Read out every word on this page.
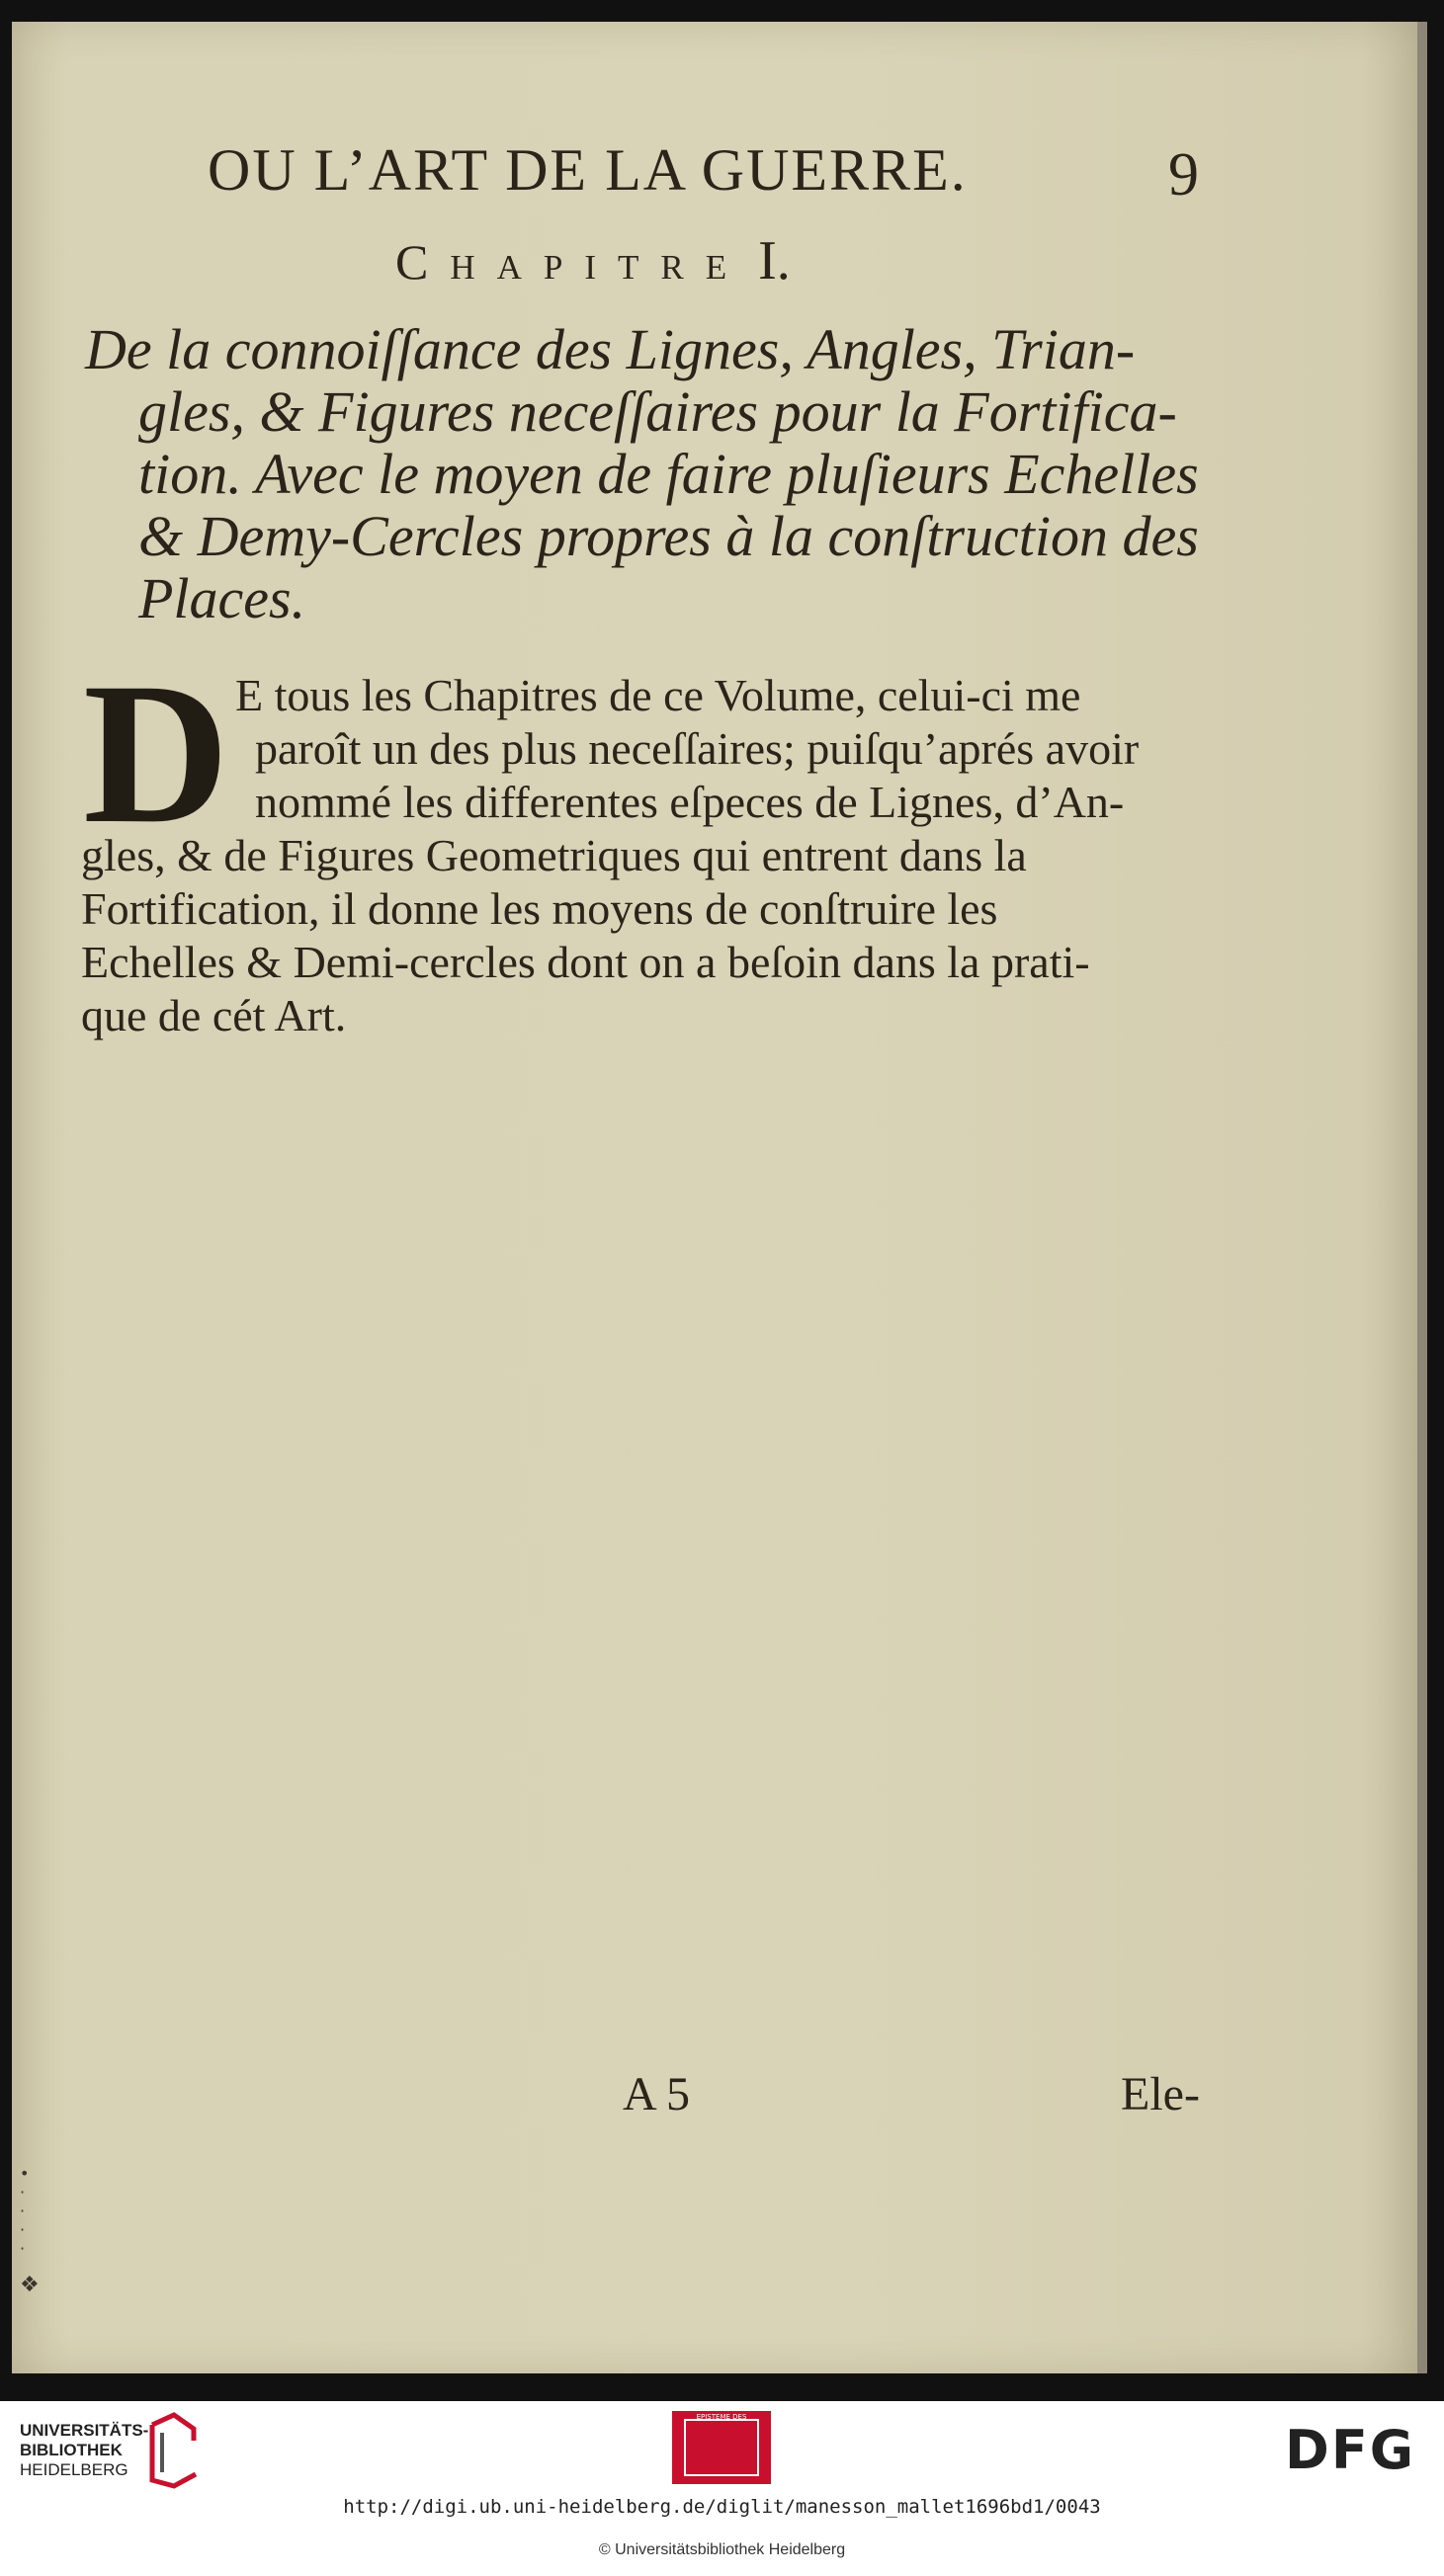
•
·
·
·
·
❖
OU L’ART DE LA GUERRE.	9
Chapitre I.
De la connoiſſance des Lignes, Angles, Trian-
gles, & Figures neceſſaires pour la Fortifica-
tion. Avec le moyen de faire pluſieurs Echelles
& Demy-Cercles propres à la conſtruction des
Places.
D E tous les Chapitres de ce Volume, celui-ci me
paroît un des plus neceſſaires; puiſqu’aprés avoir
nommé les differentes eſpeces de Lignes, d’An-
gles, & de Figures Geometriques qui entrent dans la
Fortification, il donne les moyens de conſtruire les
Echelles & Demi-cercles dont on a beſoin dans la prati-
que de cét Art.
A 5	Ele-
UNIVERSITÄTS-
BIBLIOTHEK
HEIDELBERG
EPISTEME DES
DFG
http://digi.ub.uni-heidelberg.de/diglit/manesson_mallet1696bd1/0043
© Universitätsbibliothek Heidelberg
